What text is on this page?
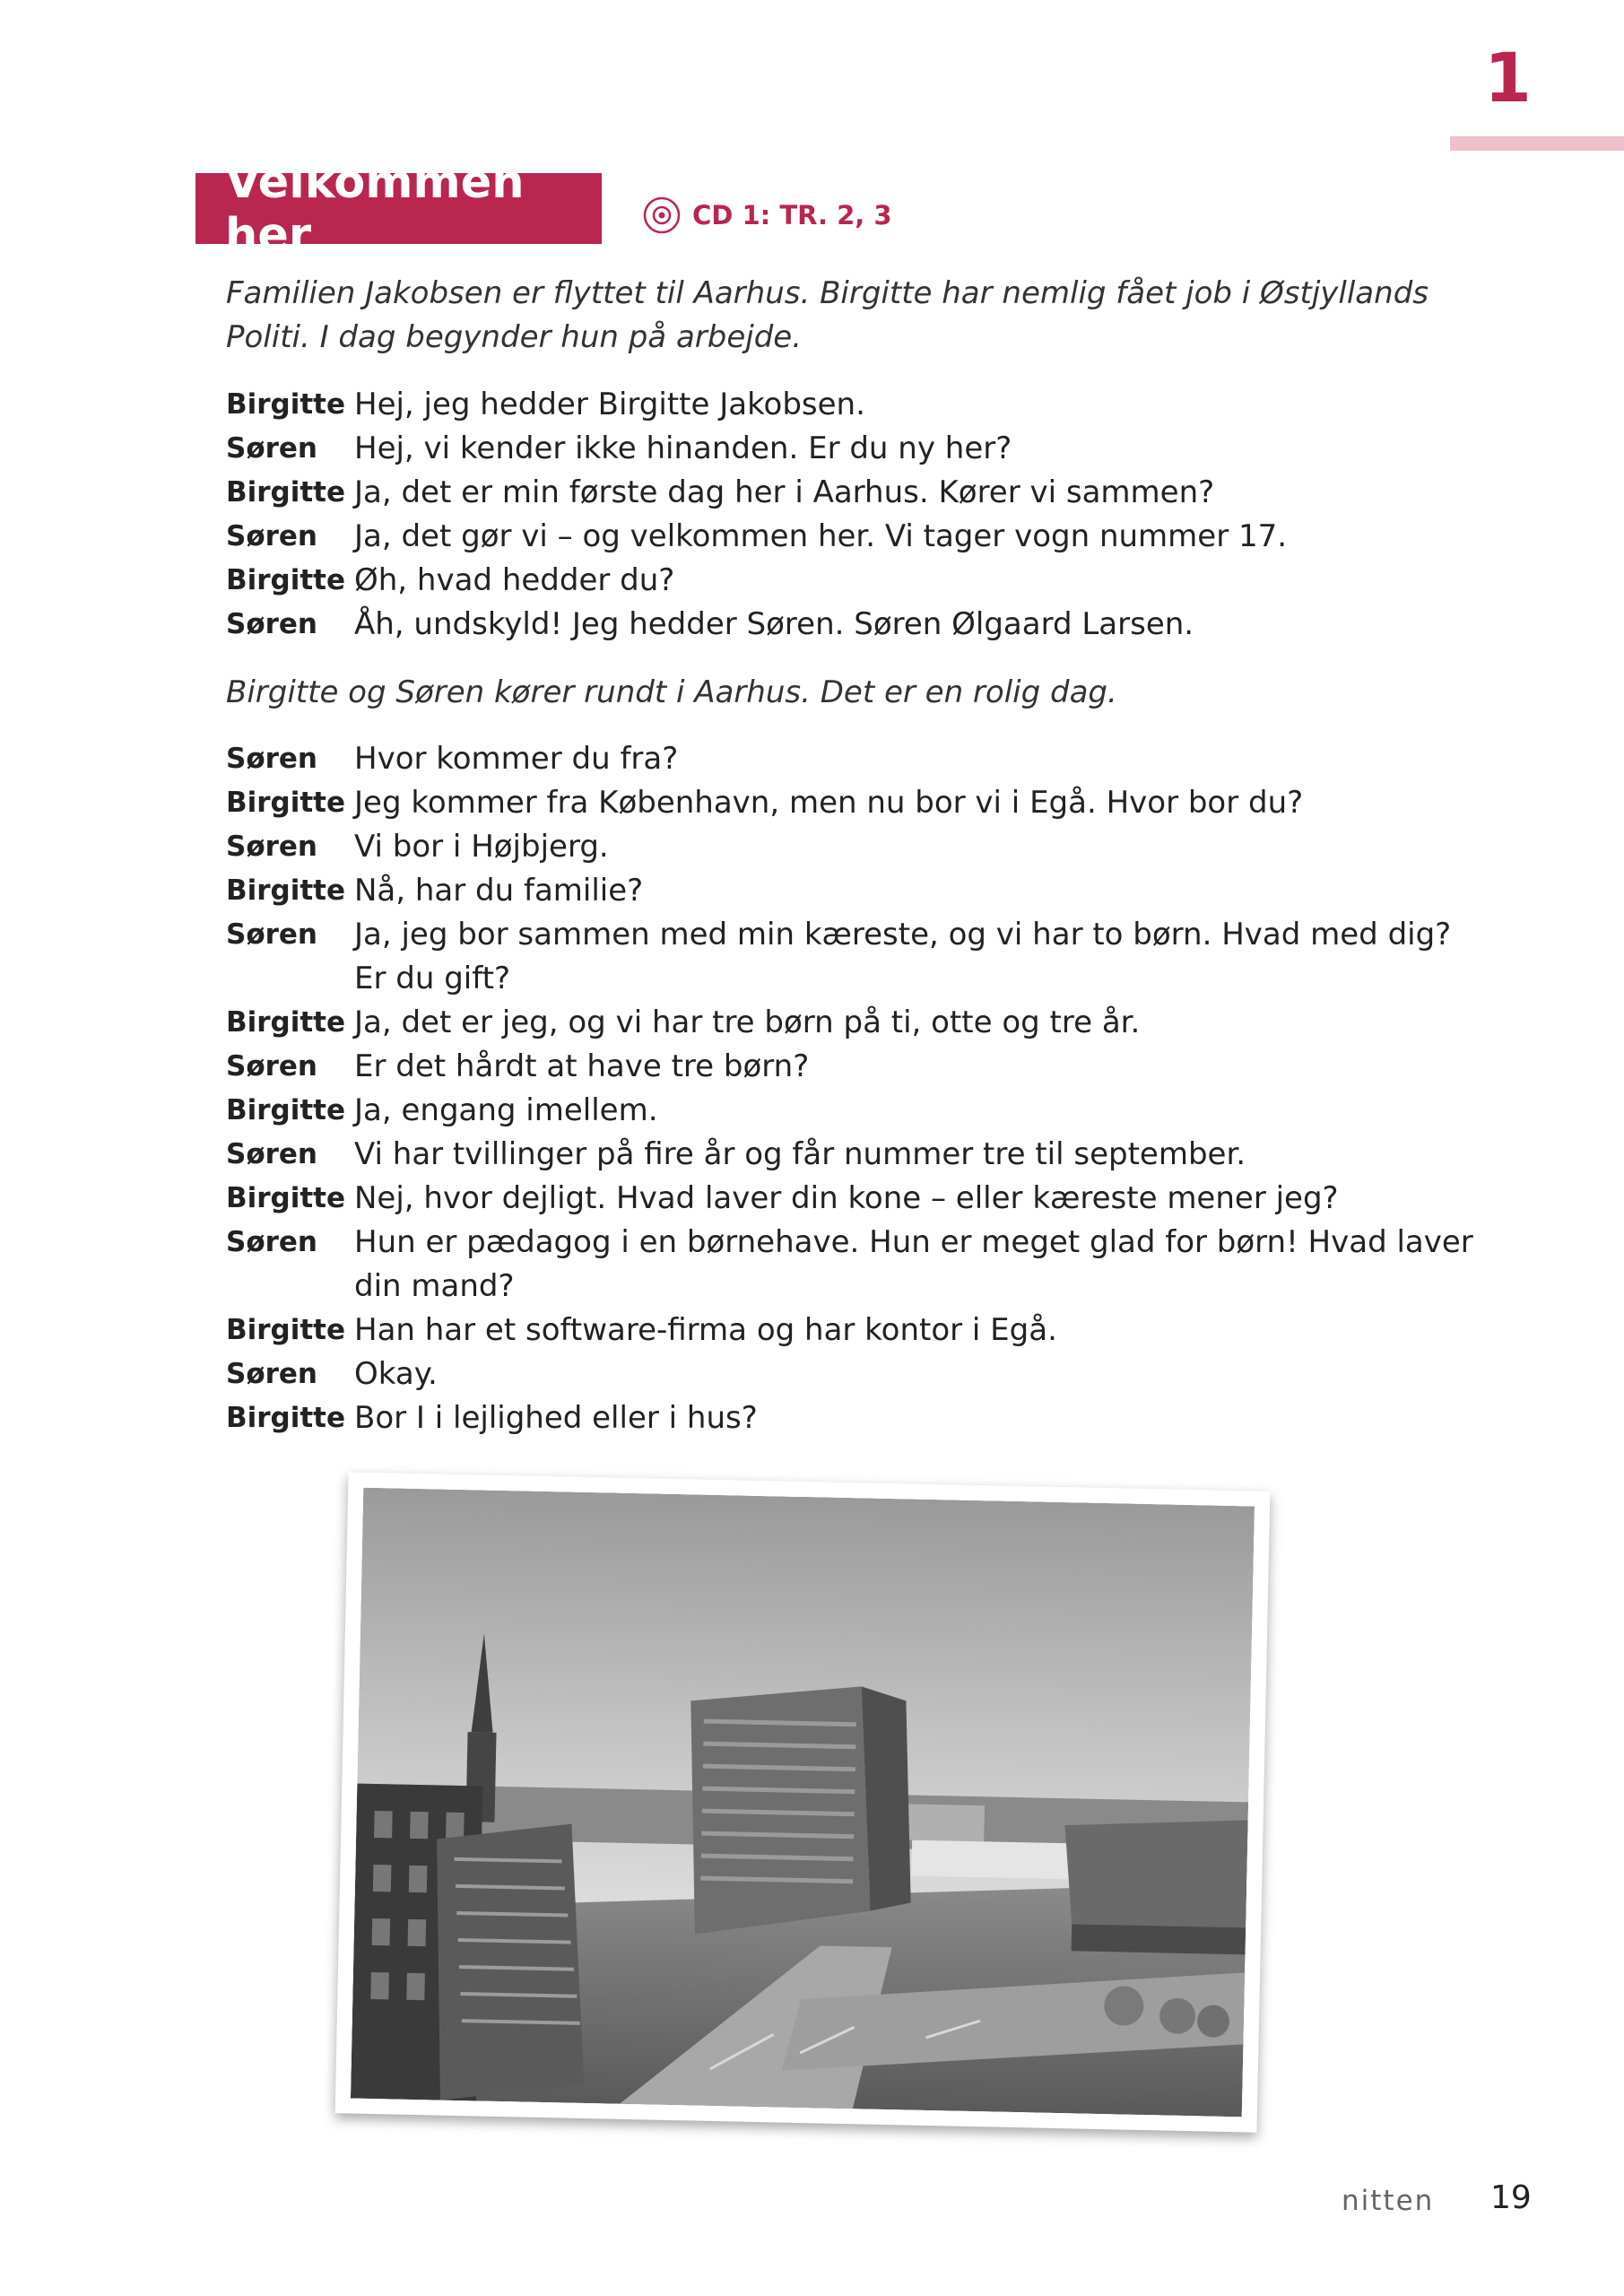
1
Velkommen her	CD 1: TR. 2, 3
Familien Jakobsen er flyttet til Aarhus. Birgitte har nemlig fået job i Østjyllands Politi. I dag begynder hun på arbejde.
Birgitte Hej, jeg hedder Birgitte Jakobsen.
Søren	Hej, vi kender ikke hinanden. Er du ny her?
Birgitte Ja, det er min første dag her i Aarhus. Kører vi sammen?
Søren	Ja, det gør vi – og velkommen her. Vi tager vogn nummer 17.
Birgitte Øh, hvad hedder du?
Søren	Åh, undskyld! Jeg hedder Søren. Søren Ølgaard Larsen.
Birgitte og Søren kører rundt i Aarhus. Det er en rolig dag.
Søren	Hvor kommer du fra?
Birgitte Jeg kommer fra København, men nu bor vi i Egå. Hvor bor du?
Søren	Vi bor i Højbjerg.
Birgitte Nå, har du familie?
Søren	Ja, jeg bor sammen med min kæreste, og vi har to børn. Hvad med dig? Er du gift?
Birgitte Ja, det er jeg, og vi har tre børn på ti, otte og tre år.
Søren	Er det hårdt at have tre børn?
Birgitte Ja, engang imellem.
Søren	Vi har tvillinger på fire år og får nummer tre til september.
Birgitte Nej, hvor dejligt. Hvad laver din kone – eller kæreste mener jeg?
Søren	Hun er pædagog i en børnehave. Hun er meget glad for børn! Hvad laver din mand?
Birgitte Han har et software-firma og har kontor i Egå.
Søren	Okay.
Birgitte Bor I i lejlighed eller i hus?
nitten 19
